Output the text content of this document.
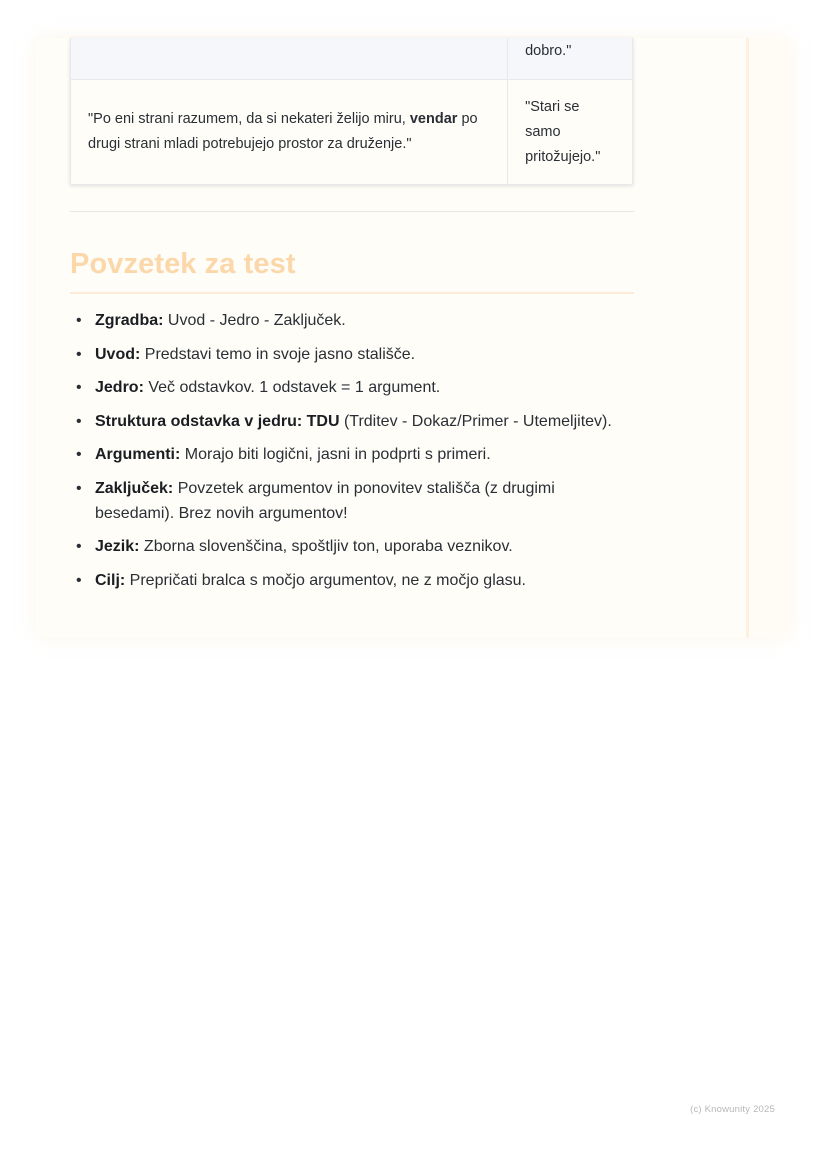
	dobro."
"Po eni strani razumem, da si nekateri želijo miru, vendar po drugi strani mladi potrebujejo prostor za druženje."	"Stari se samo pritožujejo."
Povzetek za test
• Zgradba: Uvod - Jedro - Zaključek.
• Uvod: Predstavi temo in svoje jasno stališče.
• Jedro: Več odstavkov. 1 odstavek = 1 argument.
• Struktura odstavka v jedru: TDU (Trditev - Dokaz/Primer - Utemeljitev).
• Argumenti: Morajo biti logični, jasni in podprti s primeri.
• Zaključek: Povzetek argumentov in ponovitev stališča (z drugimi besedami). Brez novih argumentov!
• Jezik: Zborna slovenščina, spoštljiv ton, uporaba veznikov.
• Cilj: Prepričati bralca s močjo argumentov, ne z močjo glasu.
(c) Knowunity 2025
